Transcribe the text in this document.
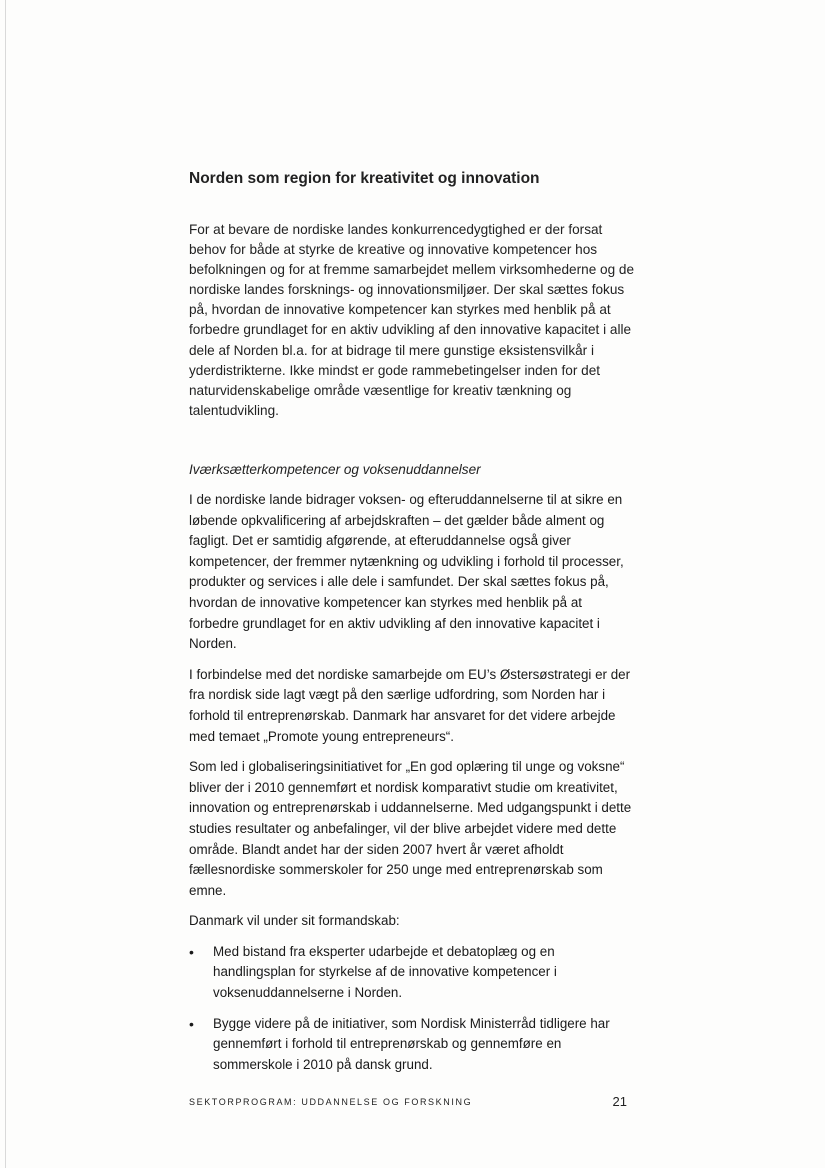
Norden som region for kreativitet og innovation

For at bevare de nordiske landes konkurrencedygtighed er der forsat behov for både at styrke de kreative og innovative kompetencer hos befolkningen og for at fremme samarbejdet mellem virksomhederne og de nordiske landes forsknings- og innovationsmiljøer. Der skal sættes fokus på, hvordan de innovative kompetencer kan styrkes med henblik på at forbedre grundlaget for en aktiv udvikling af den innovative kapacitet i alle dele af Norden bl.a. for at bidrage til mere gunstige eksistensvilkår i yderdistrikterne. Ikke mindst er gode rammebetingelser inden for det naturvidenskabelige område væsentlige for kreativ tænkning og talentudvikling.

Iværksætterkompetencer og voksenuddannelser

I de nordiske lande bidrager voksen- og efteruddannelserne til at sikre en løbende opkvalificering af arbejdskraften – det gælder både alment og fagligt. Det er samtidig afgørende, at efteruddannelse også giver kompetencer, der fremmer nytænkning og udvikling i forhold til processer, produkter og services i alle dele i samfundet. Der skal sættes fokus på, hvordan de innovative kompetencer kan styrkes med henblik på at forbedre grundlaget for en aktiv udvikling af den innovative kapacitet i Norden.

I forbindelse med det nordiske samarbejde om EU’s Østersøstrategi er der fra nordisk side lagt vægt på den særlige udfordring, som Norden har i forhold til entreprenørskab. Danmark har ansvaret for det videre arbejde med temaet „Promote young entrepreneurs“.

Som led i globaliseringsinitiativet for „En god oplæring til unge og voksne“ bliver der i 2010 gennemført et nordisk komparativt studie om kreativitet, innovation og entreprenørskab i uddannelserne. Med udgangspunkt i dette studies resultater og anbefalinger, vil der blive arbejdet videre med dette område. Blandt andet har der siden 2007 hvert år været afholdt fællesnordiske sommerskoler for 250 unge med entreprenørskab som emne.

Danmark vil under sit formandskab:

• Med bistand fra eksperter udarbejde et debatoplæg og en handlingsplan for styrkelse af de innovative kompetencer i voksenuddannelserne i Norden.
• Bygge videre på de initiativer, som Nordisk Ministerråd tidligere har gennemført i forhold til entreprenørskab og gennemføre en sommerskole i 2010 på dansk grund.
SEKTORPROGRAM: UDDANNELSE OG FORSKNING	21
